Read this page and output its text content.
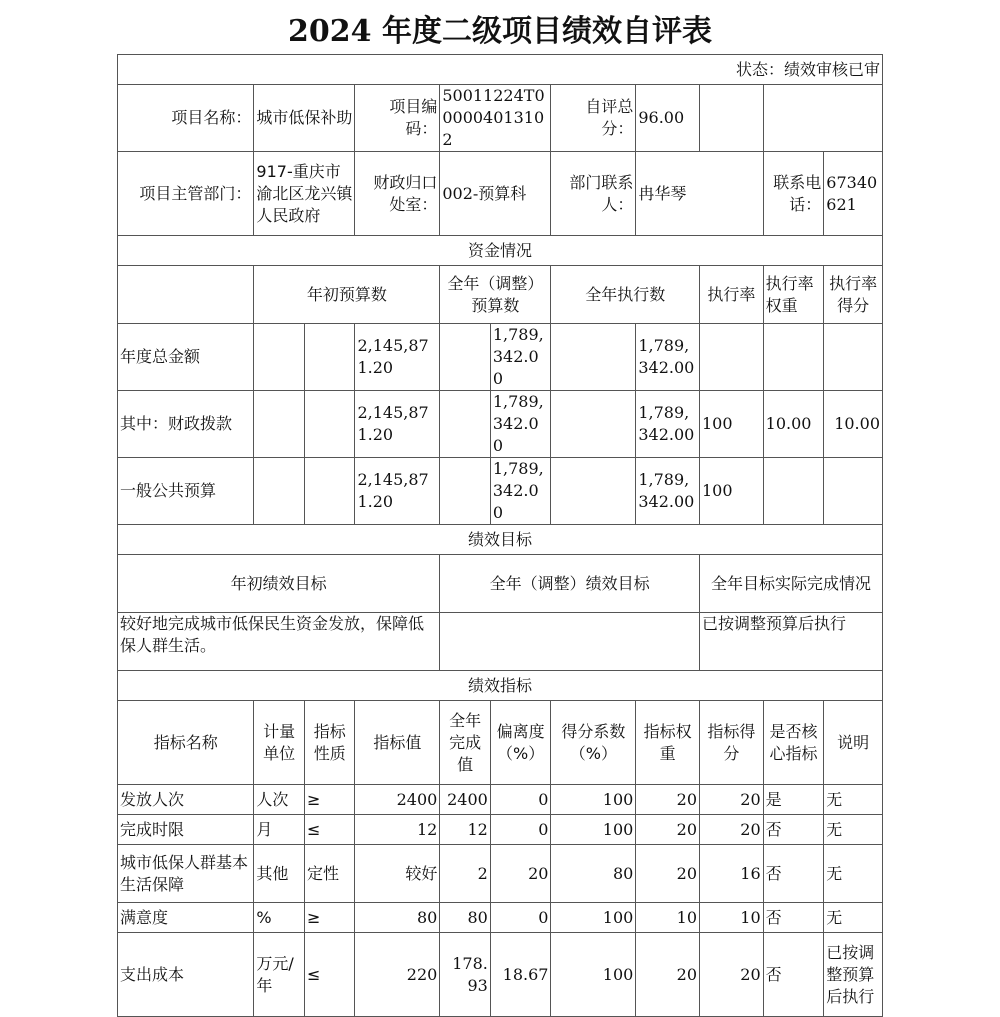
2024 年度二级项目绩效自评表
状态：绩效审核已审										
项目名称：	城市低保补助		项目编码：	50011224T000004013102		自评总分：	96.00			
项目主管部门：	917-重庆市渝北区龙兴镇人民政府		财政归口处室：	002-预算科		部门联系人：	冉华琴		联系电话：	67340621
资金情况										
	年初预算数			全年（调整）预算数		全年执行数		执行率	执行率权重	执行率得分
年度总金额			2,145,871.20		1,789,342.00		1,789,342.00			
其中：财政拨款			2,145,871.20		1,789,342.00		1,789,342.00	100	10.00	10.00
一般公共预算			2,145,871.20		1,789,342.00		1,789,342.00	100		
绩效目标										
年初绩效目标				全年（调整）绩效目标				全年目标实际完成情况		
较好地完成城市低保民生资金发放，保障低保人群生活。								已按调整预算后执行		
绩效指标										
指标名称	计量单位	指标性质	指标值	全年完成值	偏离度（%）	得分系数（%）	指标权重	指标得分	是否核心指标	说明
发放人次	人次	≥	2400	2400	0	100	20	20	是	无
完成时限	月	≤	12	12	0	100	20	20	否	无
城市低保人群基本生活保障	其他	定性	较好	2	20	80	20	16	否	无
满意度	%	≥	80	80	0	100	10	10	否	无
支出成本	万元/年	≤	220	178.93	18.67	100	20	20	否	已按调整预算后执行
